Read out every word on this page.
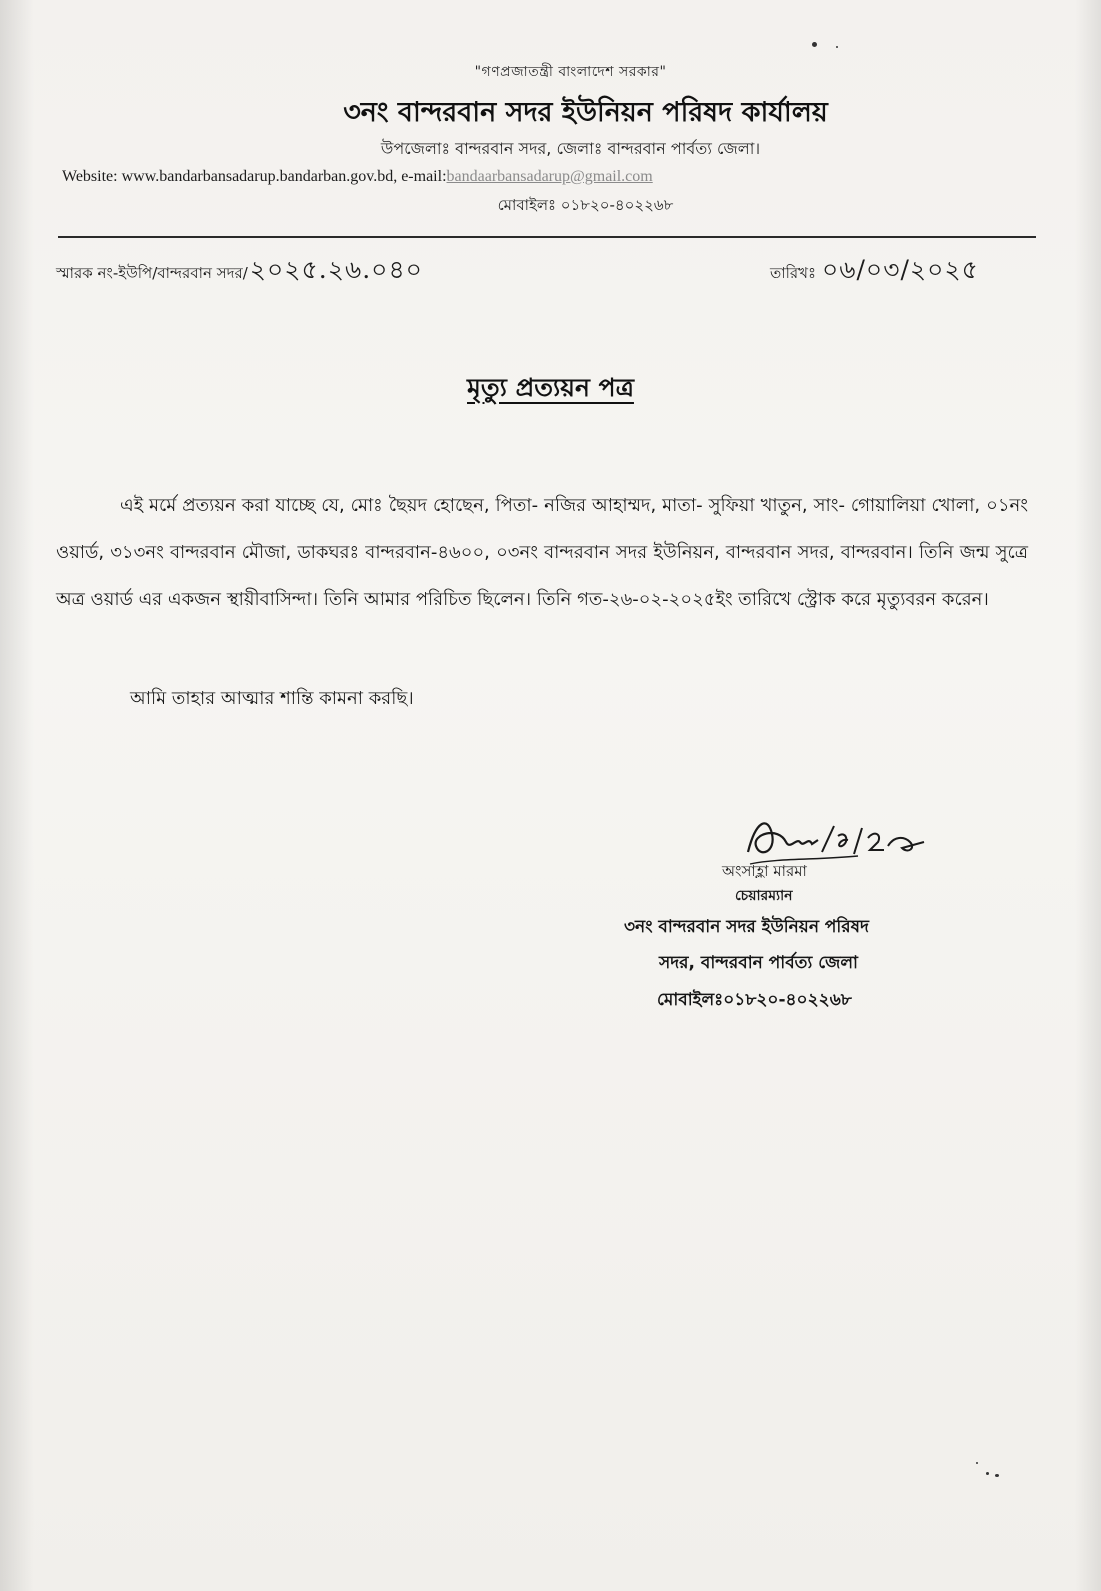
"গণপ্রজাতন্ত্রী বাংলাদেশ সরকার"
৩নং বান্দরবান সদর ইউনিয়ন পরিষদ কার্যালয়
উপজেলাঃ বান্দরবান সদর, জেলাঃ বান্দরবান পার্বত্য জেলা।
Website: www.bandarbansadarup.bandarban.gov.bd, e-mail:bandaarbansadarup@gmail.com
মোবাইলঃ ০১৮২০-৪০২২৬৮
স্মারক নং-ইউপি/বান্দরবান সদর/২০২৫.২৬.০৪০	তারিখঃ ০৬/০৩/২০২৫
মৃত্যু প্রত্যয়ন পত্র
এই মর্মে প্রত্যয়ন করা যাচ্ছে যে, মোঃ ছৈয়দ হোছেন, পিতা- নজির আহাম্মদ, মাতা- সুফিয়া খাতুন, সাং- গোয়ালিয়া খোলা, ০১নং ওয়ার্ড, ৩১৩নং বান্দরবান মৌজা, ডাকঘরঃ বান্দরবান-৪৬০০, ০৩নং বান্দরবান সদর ইউনিয়ন, বান্দরবান সদর, বান্দরবান। তিনি জন্ম সুত্রে অত্র ওয়ার্ড এর একজন স্থায়ীবাসিন্দা। তিনি আমার পরিচিত ছিলেন। তিনি গত-২৬-০২-২০২৫ইং তারিখে স্ট্রোক করে মৃত্যুবরন করেন।
আমি তাহার আত্মার শান্তি কামনা করছি।
অংসাহ্লা মারমা
চেয়ারম্যান
৩নং বান্দরবান সদর ইউনিয়ন পরিষদ
সদর, বান্দরবান পার্বত্য জেলা
মোবাইলঃ০১৮২০-৪০২২৬৮
